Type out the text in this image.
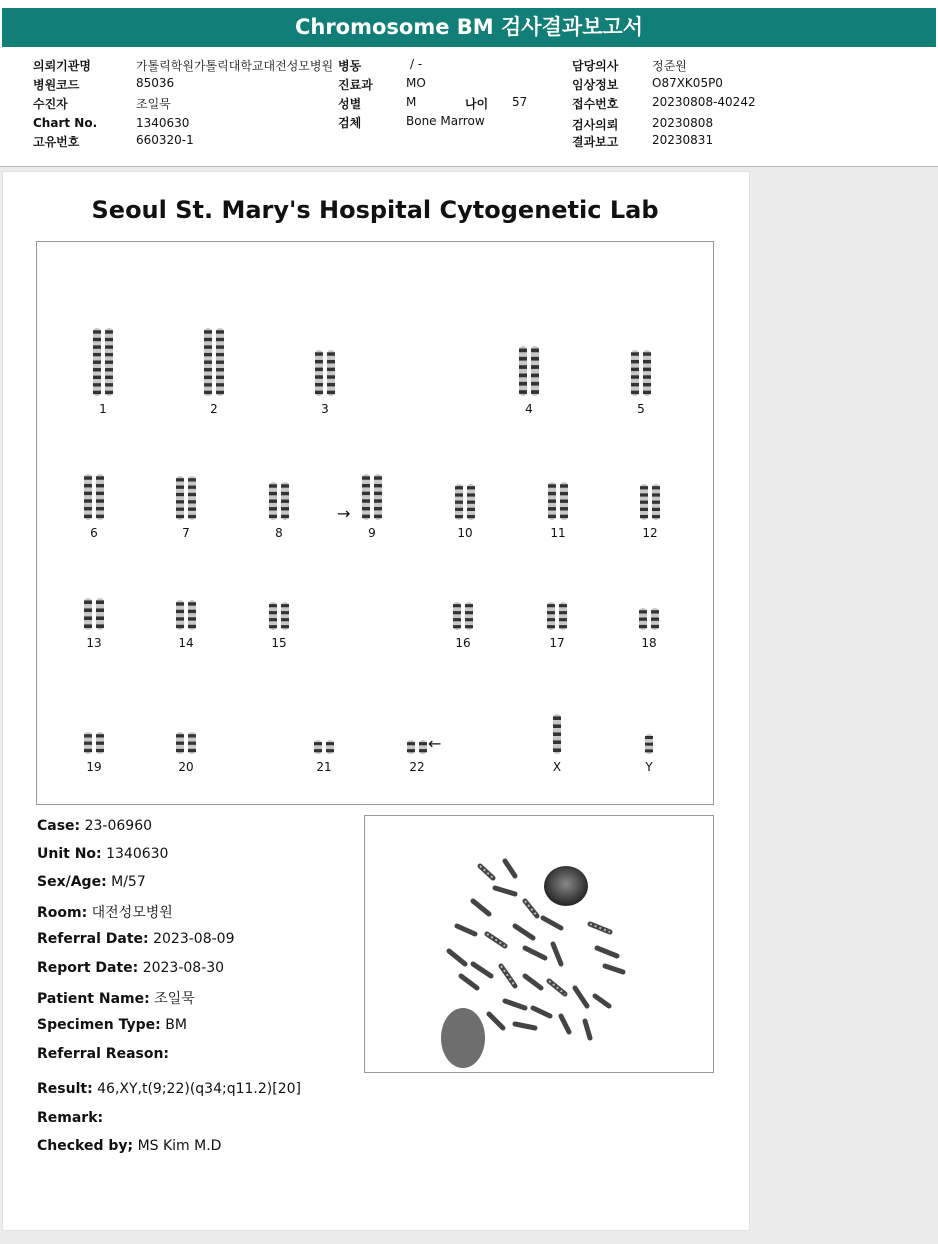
Chromosome BM 검사결과보고서
의뢰기관명	가톨릭학원가톨릭대학교대전성모병원 병동	/ -	담당의사	정준원
병원코드	85036	진료과	MO	임상정보	O87XK05P0
수진자	조일묵	성별	M	나이 57	접수번호	20230808-40242
Chart No.	1340630	검체	Bone Marrow	검사의뢰	20230808
고유번호	660320-1	결과보고	20230831
Seoul St. Mary's Hospital Cytogenetic Lab
→
←
1	2	3	4	5
6	7	8	9	10	11	12
13	14	15	16	17	18
19	20	21	22	X	Y
Case: 23-06960
Unit No: 1340630
Sex/Age: M/57
Room: 대전성모병원
Referral Date: 2023-08-09
Report Date: 2023-08-30
Patient Name: 조일묵
Specimen Type: BM
Referral Reason:
Result: 46,XY,t(9;22)(q34;q11.2)[20]
Remark:
Checked by; MS Kim M.D
